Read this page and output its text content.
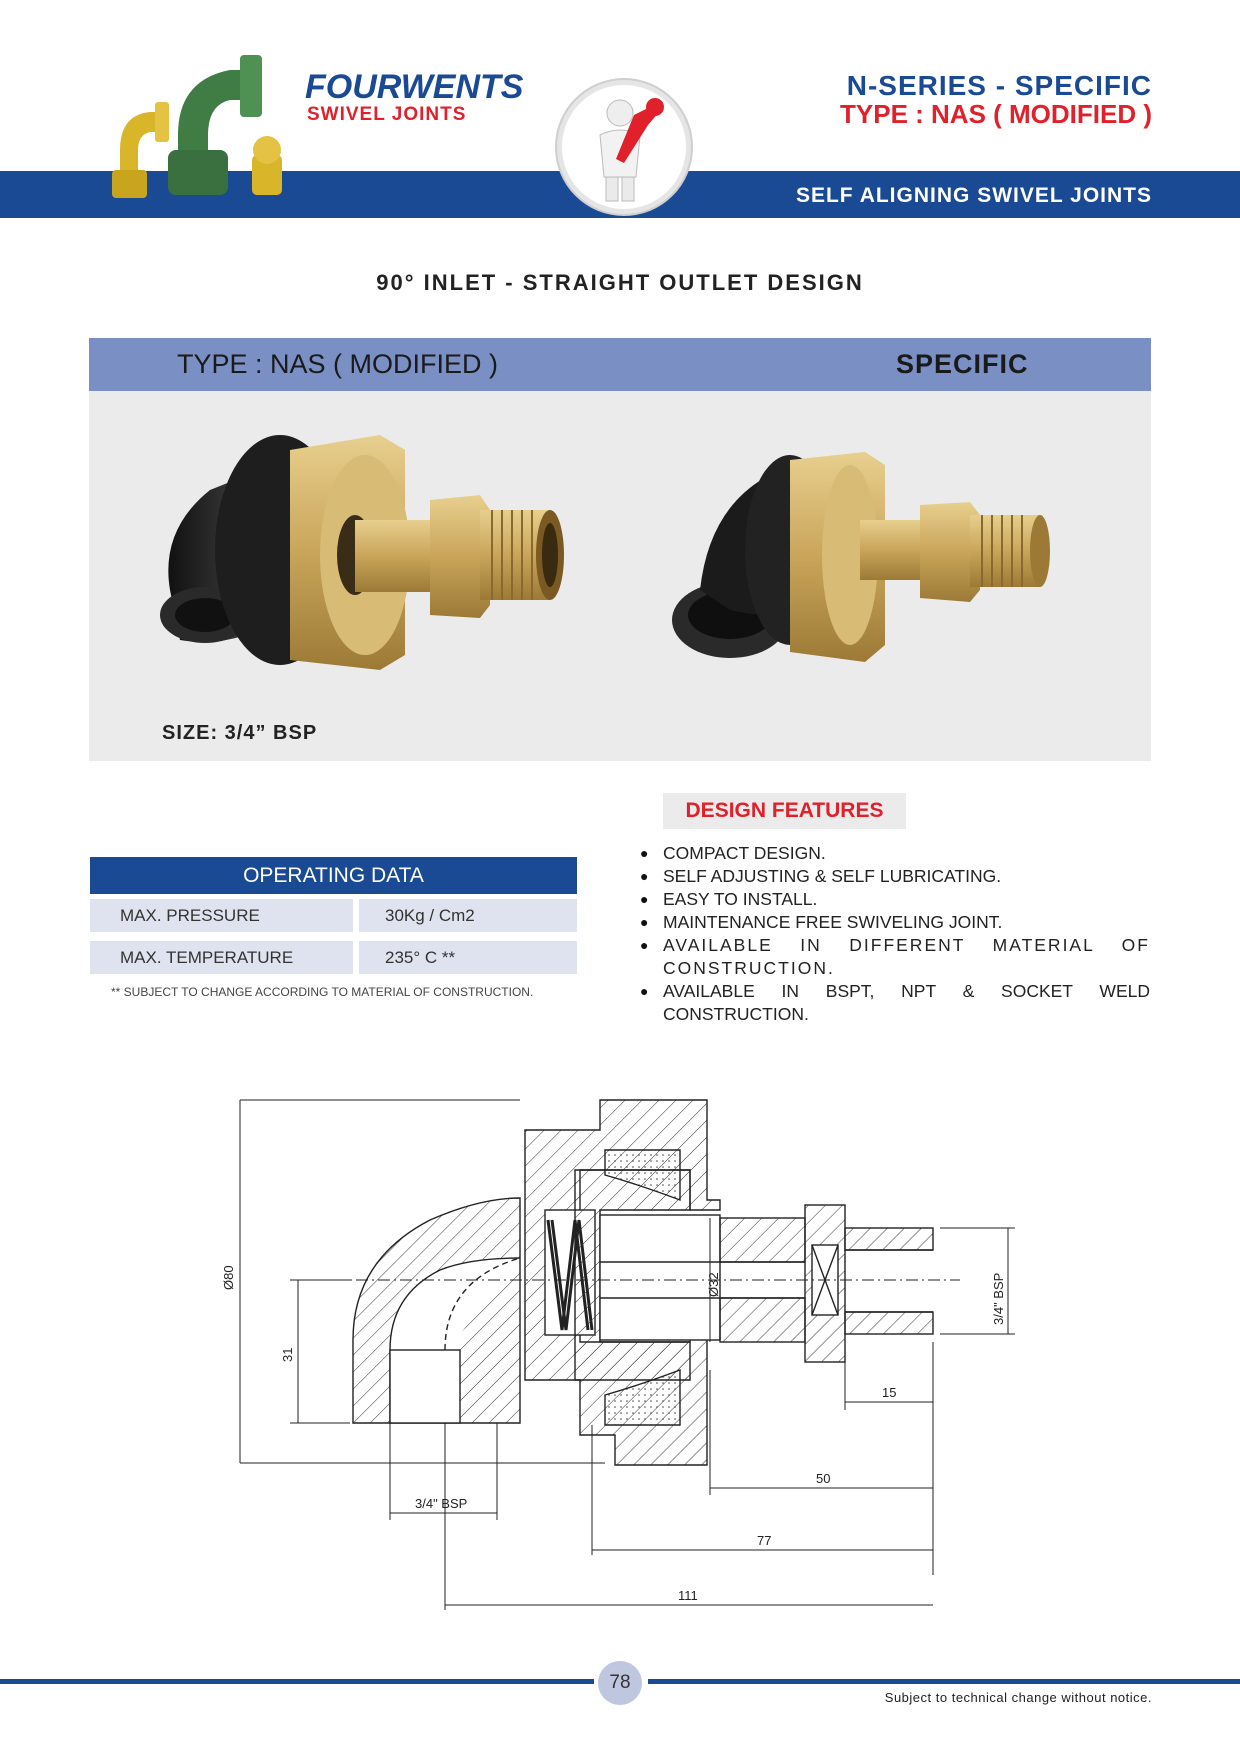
FOURWENTS
SWIVEL JOINTS
N-SERIES - SPECIFIC
TYPE : NAS ( MODIFIED )
SELF ALIGNING SWIVEL JOINTS
90° INLET - STRAIGHT OUTLET DESIGN
TYPE : NAS ( MODIFIED )	SPECIFIC
SIZE: 3/4” BSP
OPERATING DATA
MAX. PRESSURE	30Kg / Cm2
MAX. TEMPERATURE	235° C **
** SUBJECT TO CHANGE ACCORDING TO MATERIAL OF CONSTRUCTION.
DESIGN FEATURES
● COMPACT DESIGN.
● SELF ADJUSTING & SELF LUBRICATING.
● EASY TO INSTALL.
● MAINTENANCE FREE SWIVELING JOINT.
● AVAILABLE IN DIFFERENT MATERIAL OF CONSTRUCTION.
● AVAILABLE IN BSPT, NPT & SOCKET WELD CONSTRUCTION.
Ø80
31
Ø32	3/4" BSP
15
50
77
111
3/4" BSP
78
Subject to technical change without notice.
